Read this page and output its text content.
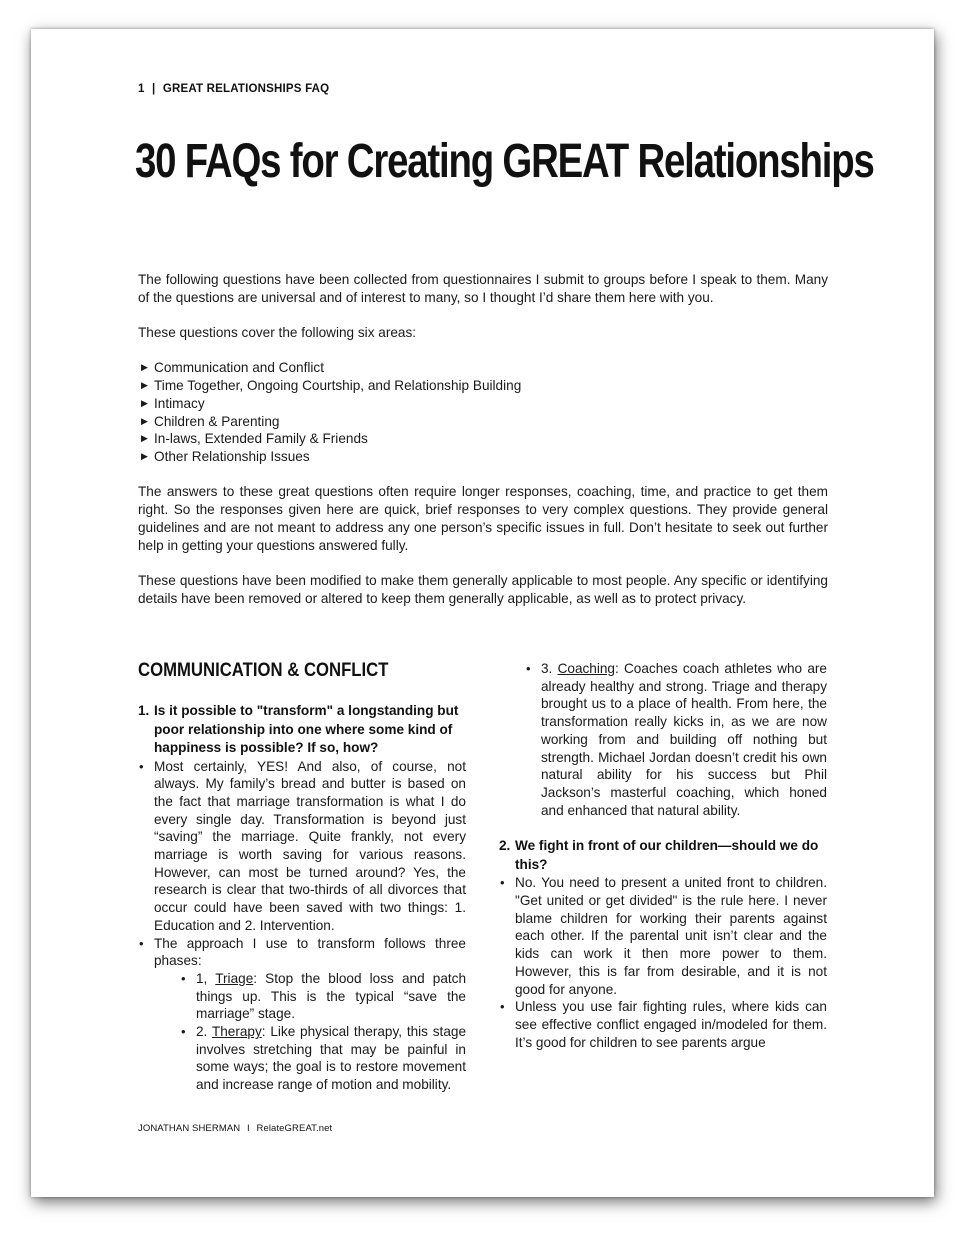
1 | GREAT RELATIONSHIPS FAQ
30 FAQs for Creating GREAT Relationships

The following questions have been collected from questionnaires I submit to groups before I speak to them. Many of the questions are universal and of interest to many, so I thought I’d share them here with you.

These questions cover the following six areas:

▶ Communication and Conflict
▶ Time Together, Ongoing Courtship, and Relationship Building
▶ Intimacy
▶ Children & Parenting
▶ In-laws, Extended Family & Friends
▶ Other Relationship Issues

The answers to these great questions often require longer responses, coaching, time, and practice to get them right. So the responses given here are quick, brief responses to very complex questions. They provide general guidelines and are not meant to address any one person’s specific issues in full. Don’t hesitate to seek out further help in getting your questions answered fully.

These questions have been modified to make them generally applicable to most people. Any specific or identifying details have been removed or altered to keep them generally applicable, as well as to protect privacy.

COMMUNICATION & CONFLICT

1. Is it possible to "transform" a longstanding but poor relationship into one where some kind of happiness is possible? If so, how?

• Most certainly, YES! And also, of course, not always. My family’s bread and butter is based on the fact that marriage transformation is what I do every single day. Transformation is beyond just “saving” the marriage. Quite frankly, not every marriage is worth saving for various reasons. However, can most be turned around? Yes, the research is clear that two-thirds of all divorces that occur could have been saved with two things: 1. Education and 2. Intervention.
• The approach I use to transform follows three phases:
• 1, Triage: Stop the blood loss and patch things up. This is the typical “save the marriage” stage.
• 2. Therapy: Like physical therapy, this stage involves stretching that may be painful in some ways; the goal is to restore movement and increase range of motion and mobility.
• 3. Coaching: Coaches coach athletes who are already healthy and strong. Triage and therapy brought us to a place of health. From here, the transformation really kicks in, as we are now working from and building off nothing but strength. Michael Jordan doesn’t credit his own natural ability for his success but Phil Jackson’s masterful coaching, which honed and enhanced that natural ability.

2. We fight in front of our children—should we do this?

• No. You need to present a united front to children. "Get united or get divided" is the rule here. I never blame children for working their parents against each other. If the parental unit isn’t clear and the kids can work it then more power to them. However, this is far from desirable, and it is not good for anyone.
• Unless you use fair fighting rules, where kids can see effective conflict engaged in/modeled for them. It’s good for children to see parents argue
JONATHAN SHERMAN I RelateGREAT.net
